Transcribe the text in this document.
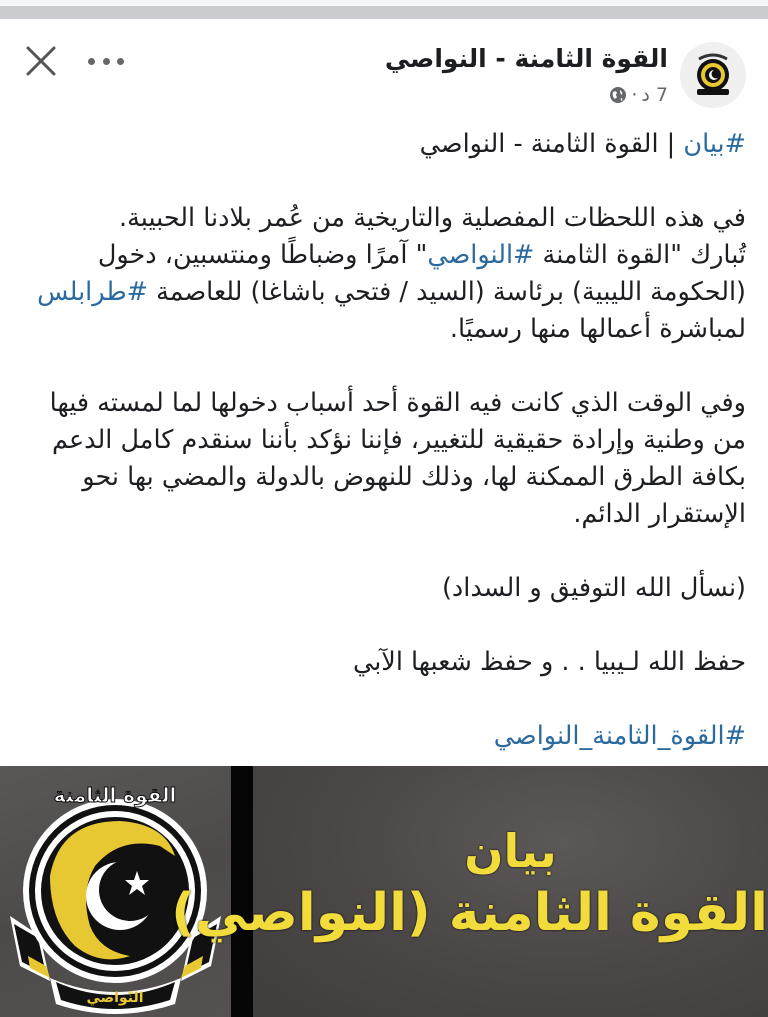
القوة الثامنة - النواصي
7 د
·

#بيان | القوة الثامنة - النواصي

في هذه اللحظات المفصلية والتاريخية من عُمر بلادنا الحبيبة.

تُبارك "القوة الثامنة #النواصي" آمرًا وضباطًا ومنتسبين، دخول (الحكومة الليبية) برئاسة (السيد / فتحي باشاغا) للعاصمة #طرابلس لمباشرة أعمالها منها رسميًا.

وفي الوقت الذي كانت فيه القوة أحد أسباب دخولها لما لمسته فيها من وطنية وإرادة حقيقية للتغيير، فإننا نؤكد بأننا سنقدم كامل الدعم بكافة الطرق الممكنة لها، وذلك للنهوض بالدولة والمضي بها نحو الإستقرار الدائم.

(نسأل الله التوفيق و السداد)

حفظ الله لـيبيا . . و حفظ شعبها الآبي

#القوة_الثامنة_النواصي

النّواصي
القوة الثامنة
بيان
القوة الثامنة (النواصي)
